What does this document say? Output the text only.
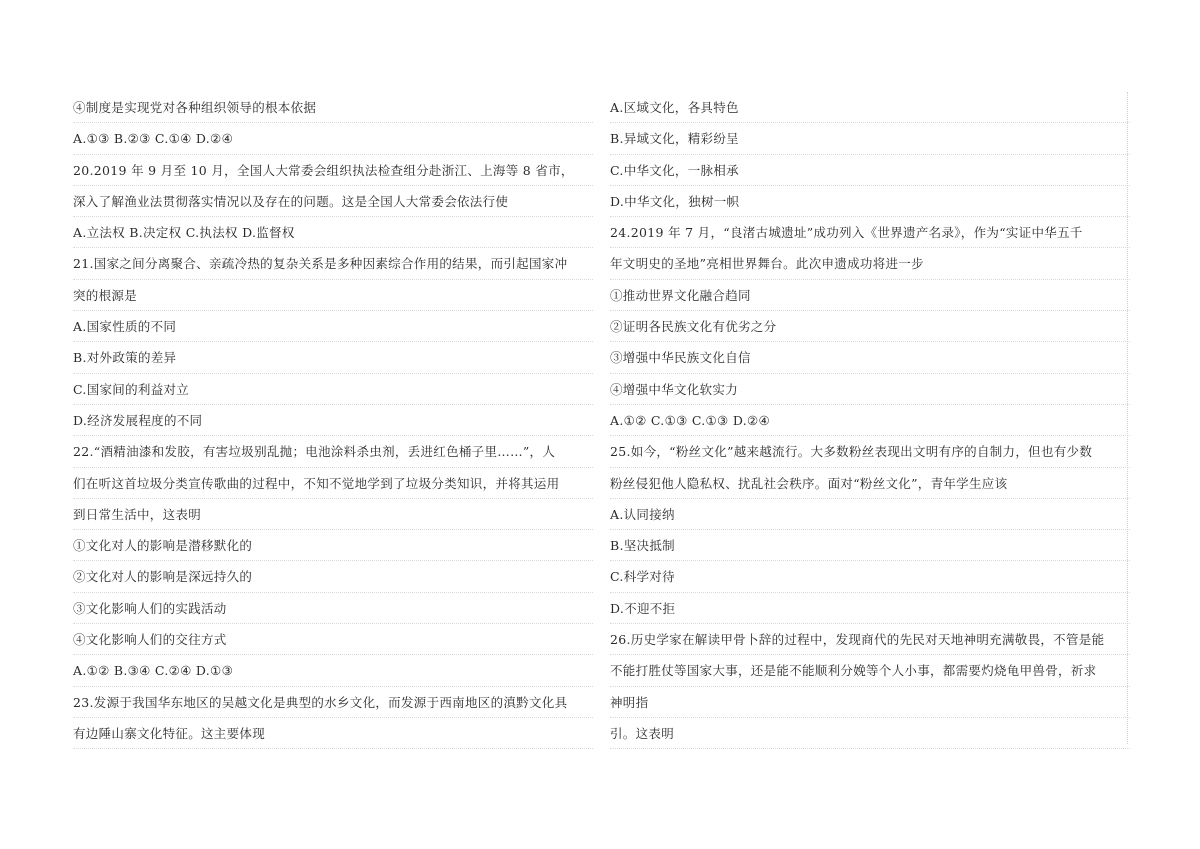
④制度是实现党对各种组织领导的根本依据
A.①③ B.②③ C.①④ D.②④
20.2019 年 9 月至 10 月，全国人大常委会组织执法检查组分赴浙江、上海等 8 省市，
深入了解渔业法贯彻落实情况以及存在的问题。这是全国人大常委会依法行使
A.立法权 B.决定权 C.执法权 D.监督权
21.国家之间分离聚合、亲疏冷热的复杂关系是多种因素综合作用的结果，而引起国家冲
突的根源是
A.国家性质的不同
B.对外政策的差异
C.国家间的利益对立
D.经济发展程度的不同
22.“酒精油漆和发胶，有害垃圾别乱抛；电池涂料杀虫剂，丢进红色桶子里……”，人
们在听这首垃圾分类宣传歌曲的过程中，不知不觉地学到了垃圾分类知识，并将其运用
到日常生活中，这表明
①文化对人的影响是潜移默化的
②文化对人的影响是深远持久的
③文化影响人们的实践活动
④文化影响人们的交往方式
A.①② B.③④ C.②④ D.①③
23.发源于我国华东地区的吴越文化是典型的水乡文化，而发源于西南地区的滇黔文化具
有边陲山寨文化特征。这主要体现
A.区域文化，各具特色
B.异域文化，精彩纷呈
C.中华文化，一脉相承
D.中华文化，独树一帜
24.2019 年 7 月，“良渚古城遗址”成功列入《世界遗产名录》，作为“实证中华五千
年文明史的圣地”亮相世界舞台。此次申遗成功将进一步
①推动世界文化融合趋同
②证明各民族文化有优劣之分
③增强中华民族文化自信
④增强中华文化软实力
A.①② C.①③ C.①③ D.②④
25.如今，“粉丝文化”越来越流行。大多数粉丝表现出文明有序的自制力，但也有少数
粉丝侵犯他人隐私权、扰乱社会秩序。面对“粉丝文化”，青年学生应该
A.认同接纳
B.坚决抵制
C.科学对待
D.不迎不拒
26.历史学家在解读甲骨卜辞的过程中，发现商代的先民对天地神明充满敬畏，不管是能
不能打胜仗等国家大事，还是能不能顺利分娩等个人小事，都需要灼烧龟甲兽骨，祈求
神明指
引。这表明
